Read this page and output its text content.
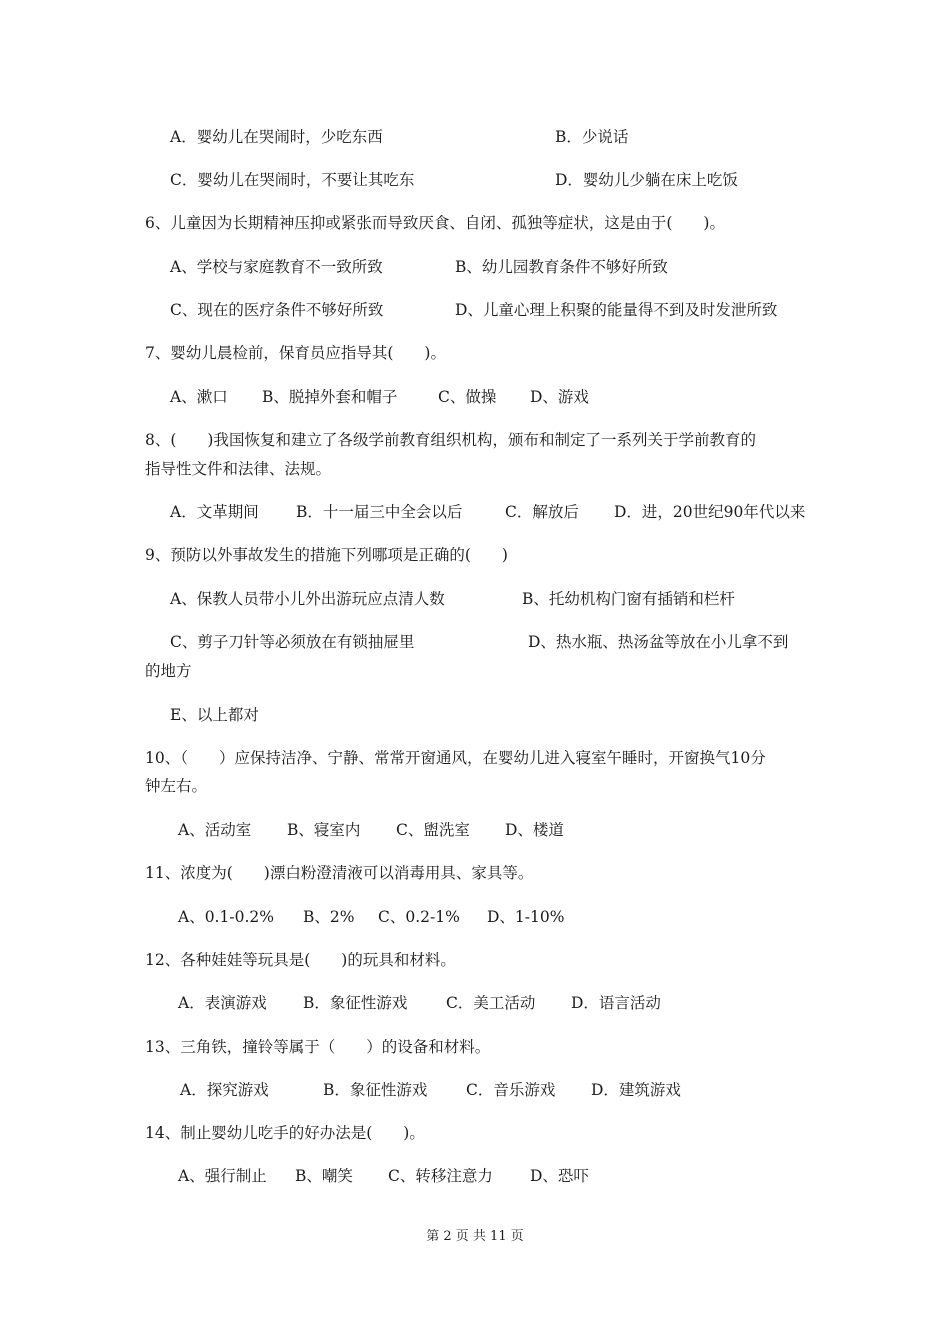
A．婴幼儿在哭闹时，少吃东西	B．少说话
C．婴幼儿在哭闹时，不要让其吃东	D．婴幼儿少躺在床上吃饭
6、儿童因为长期精神压抑或紧张而导致厌食、自闭、孤独等症状，这是由于(　　)。
A、学校与家庭教育不一致所致	B、幼儿园教育条件不够好所致
C、现在的医疗条件不够好所致	D、儿童心理上积聚的能量得不到及时发泄所致
7、婴幼儿晨检前，保育员应指导其(　　)。
A、漱口 B、脱掉外套和帽子	C、做操 D、游戏
8、(　　)我国恢复和建立了各级学前教育组织机构，颁布和制定了一系列关于学前教育的
指导性文件和法律、法规。
A．文革期间 B．十一届三中全会以后	C．解放后 D．进，20世纪90年代以来
9、预防以外事故发生的措施下列哪项是正确的(　　)
A、保教人员带小儿外出游玩应点清人数	B、托幼机构门窗有插销和栏杆
C、剪子刀针等必须放在有锁抽屉里	D、热水瓶、热汤盆等放在小儿拿不到
的地方
E、以上都对
10、（　　）应保持洁净、宁静、常常开窗通风，在婴幼儿进入寝室午睡时，开窗换气10分
钟左右。
A、活动室 B、寝室内 C、盥洗室 D、楼道
11、浓度为(　　)漂白粉澄清液可以消毒用具、家具等。
A、0.1-0.2% B、2% C、0.2-1% D、1-10%
12、各种娃娃等玩具是(　　)的玩具和材料。
A．表演游戏 B．象征性游戏 C．美工活动 D．语言活动
13、三角铁，撞铃等属于（　　）的设备和材料。
A．探究游戏	B．象征性游戏 C．音乐游戏 D．建筑游戏
14、制止婴幼儿吃手的好办法是(　　)。
A、强行制止 B、嘲笑 C、转移注意力 D、恐吓
第 2 页 共 11 页
